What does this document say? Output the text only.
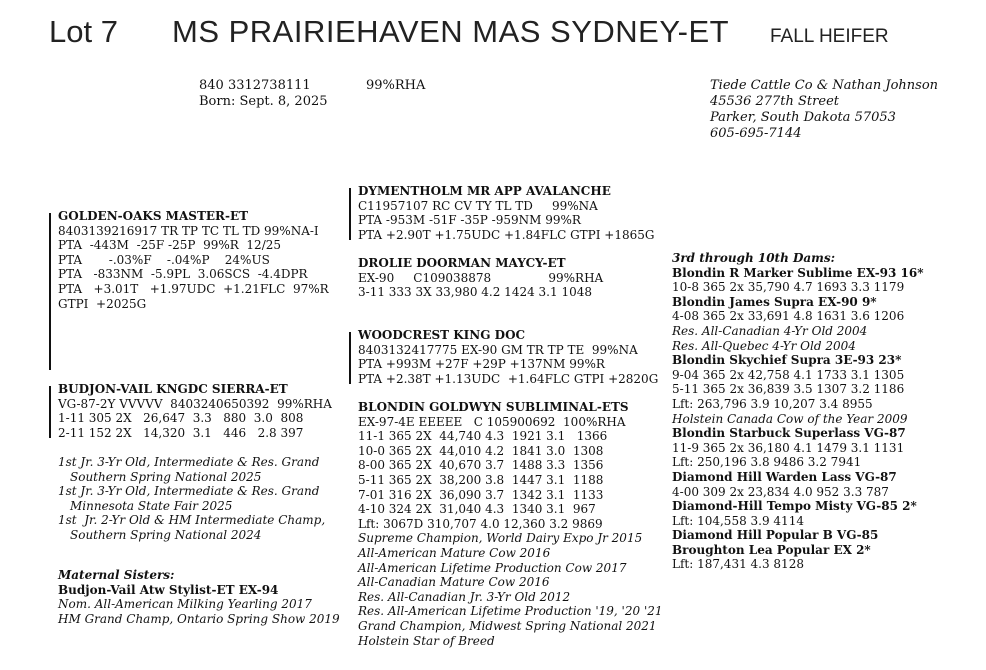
Lot 7 MS PRAIRIEHAVEN MAS SYDNEY-ET FALL HEIFER
840 3312738111
Born: Sept. 8, 2025
99%RHA	Tiede Cattle Co & Nathan Johnson
45536 277th Street
Parker, South Dakota 57053
605-695-7144
GOLDEN-OAKS MASTER-ET
8403139216917 TR TP TC TL TD 99%NA-I
PTA  -443M  -25F -25P  99%R  12/25
PTA       -.03%F    -.04%P    24%US
PTA   -833NM  -5.9PL  3.06SCS  -4.4DPR
PTA   +3.01T   +1.97UDC  +1.21FLC  97%R
GTPI  +2025G
BUDJON-VAIL KNGDC SIERRA-ET
VG-87-2Y VVVVV  8403240650392  99%RHA
1-11 305 2X   26,647  3.3   880  3.0  808
2-11 152 2X   14,320  3.1   446   2.8 397
1st Jr. 3-Yr Old, Intermediate & Res. Grand
Southern Spring National 2025
1st Jr. 3-Yr Old, Intermediate & Res. Grand
Minnesota State Fair 2025
1st  Jr. 2-Yr Old & HM Intermediate Champ,
Southern Spring National 2024
Maternal Sisters:
Budjon-Vail Atw Stylist-ET EX-94
Nom. All-American Milking Yearling 2017
HM Grand Champ, Ontario Spring Show 2019
DYMENTHOLM MR APP AVALANCHE
C11957107 RC CV TY TL TD     99%NA
PTA -953M -51F -35P -959NM 99%R
PTA +2.90T +1.75UDC +1.84FLC GTPI +1865G
DROLIE DOORMAN MAYCY-ET
EX-90     C109038878               99%RHA
3-11 333 3X 33,980 4.2 1424 3.1 1048
WOODCREST KING DOC
8403132417775 EX-90 GM TR TP TE  99%NA
PTA +993M +27F +29P +137NM 99%R
PTA +2.38T +1.13UDC  +1.64FLC GTPI +2820G
BLONDIN GOLDWYN SUBLIMINAL-ETS
EX-97-4E EEEEE   C 105900692  100%RHA
11-1 365 2X  44,740 4.3  1921 3.1   1366
10-0 365 2X  44,010 4.2  1841 3.0  1308
8-00 365 2X  40,670 3.7  1488 3.3  1356
5-11 365 2X  38,200 3.8  1447 3.1  1188
7-01 316 2X  36,090 3.7  1342 3.1  1133
4-10 324 2X  31,040 4.3  1340 3.1  967
Lft: 3067D 310,707 4.0 12,360 3.2 9869
Supreme Champion, World Dairy Expo Jr 2015
All-American Mature Cow 2016
All-American Lifetime Production Cow 2017
All-Canadian Mature Cow 2016
Res. All-Canadian Jr. 3-Yr Old 2012
Res. All-American Lifetime Production '19, '20 '21
Grand Champion, Midwest Spring National 2021
Holstein Star of Breed
3rd through 10th Dams:
Blondin R Marker Sublime EX-93 16*
10-8 365 2x 35,790 4.7 1693 3.3 1179
Blondin James Supra EX-90 9*
4-08 365 2x 33,691 4.8 1631 3.6 1206
Res. All-Canadian 4-Yr Old 2004
Res. All-Quebec 4-Yr Old 2004
Blondin Skychief Supra 3E-93 23*
9-04 365 2x 42,758 4.1 1733 3.1 1305
5-11 365 2x 36,839 3.5 1307 3.2 1186
Lft: 263,796 3.9 10,207 3.4 8955
Holstein Canada Cow of the Year 2009
Blondin Starbuck Superlass VG-87
11-9 365 2x 36,180 4.1 1479 3.1 1131
Lft: 250,196 3.8 9486 3.2 7941
Diamond Hill Warden Lass VG-87
4-00 309 2x 23,834 4.0 952 3.3 787
Diamond-Hill Tempo Misty VG-85 2*
Lft: 104,558 3.9 4114
Diamond Hill Popular B VG-85
Broughton Lea Popular EX 2*
Lft: 187,431 4.3 8128
